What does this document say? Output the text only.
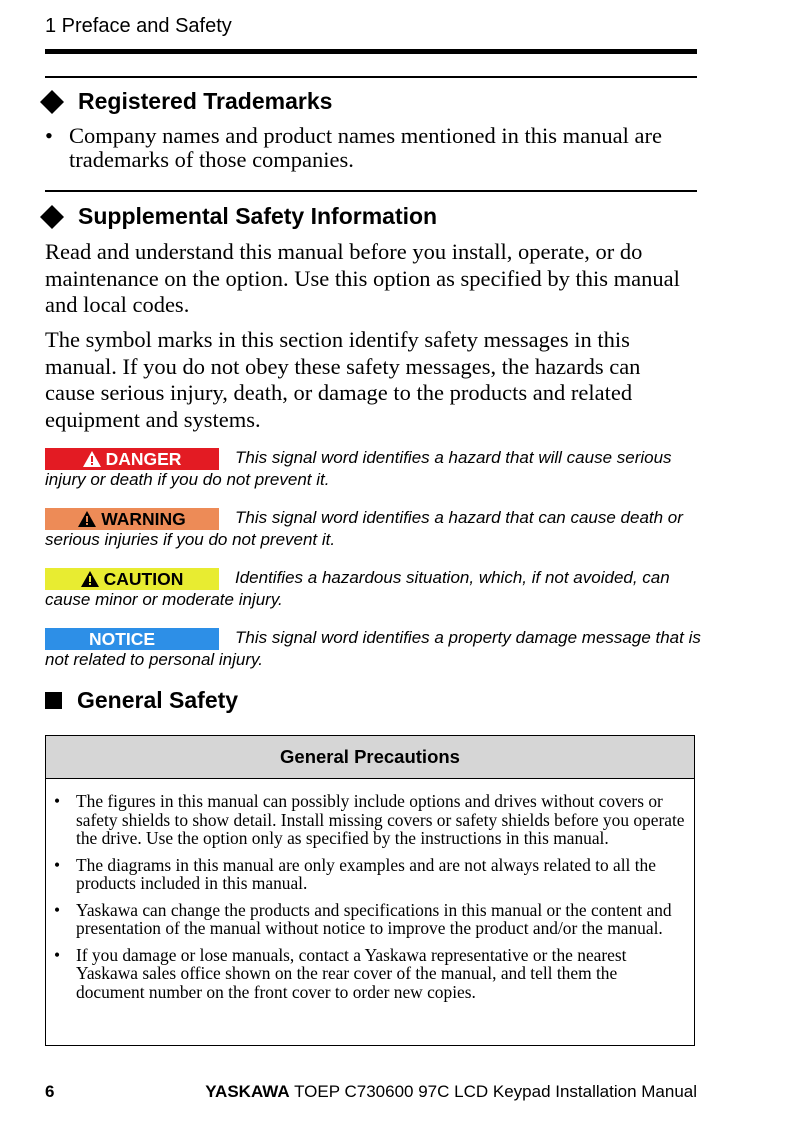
1 Preface and Safety
Registered Trademarks
• Company names and product names mentioned in this manual are trademarks of those companies.
Supplemental Safety Information

Read and understand this manual before you install, operate, or do maintenance on the option. Use this option as specified by this manual and local codes.

The symbol marks in this section identify safety messages in this manual. If you do not obey these safety messages, the hazards can cause serious injury, death, or damage to the products and related equipment and systems.

DANGER	This signal word identifies a hazard that will cause serious injury or death if you do not prevent it.
WARNING	This signal word identifies a hazard that can cause death or serious injuries if you do not prevent it.
CAUTION	Identifies a hazardous situation, which, if not avoided, can cause minor or moderate injury.
NOTICE	This signal word identifies a property damage message that is not related to personal injury.
General Safety
General Precautions
• The figures in this manual can possibly include options and drives without covers or safety shields to show detail. Install missing covers or safety shields before you operate the drive. Use the option only as specified by the instructions in this manual.
• The diagrams in this manual are only examples and are not always related to all the products included in this manual.
• Yaskawa can change the products and specifications in this manual or the content and presentation of the manual without notice to improve the product and/or the manual.
• If you damage or lose manuals, contact a Yaskawa representative or the nearest Yaskawa sales office shown on the rear cover of the manual, and tell them the document number on the front cover to order new copies.
6	YASKAWA TOEP C730600 97C LCD Keypad Installation Manual
